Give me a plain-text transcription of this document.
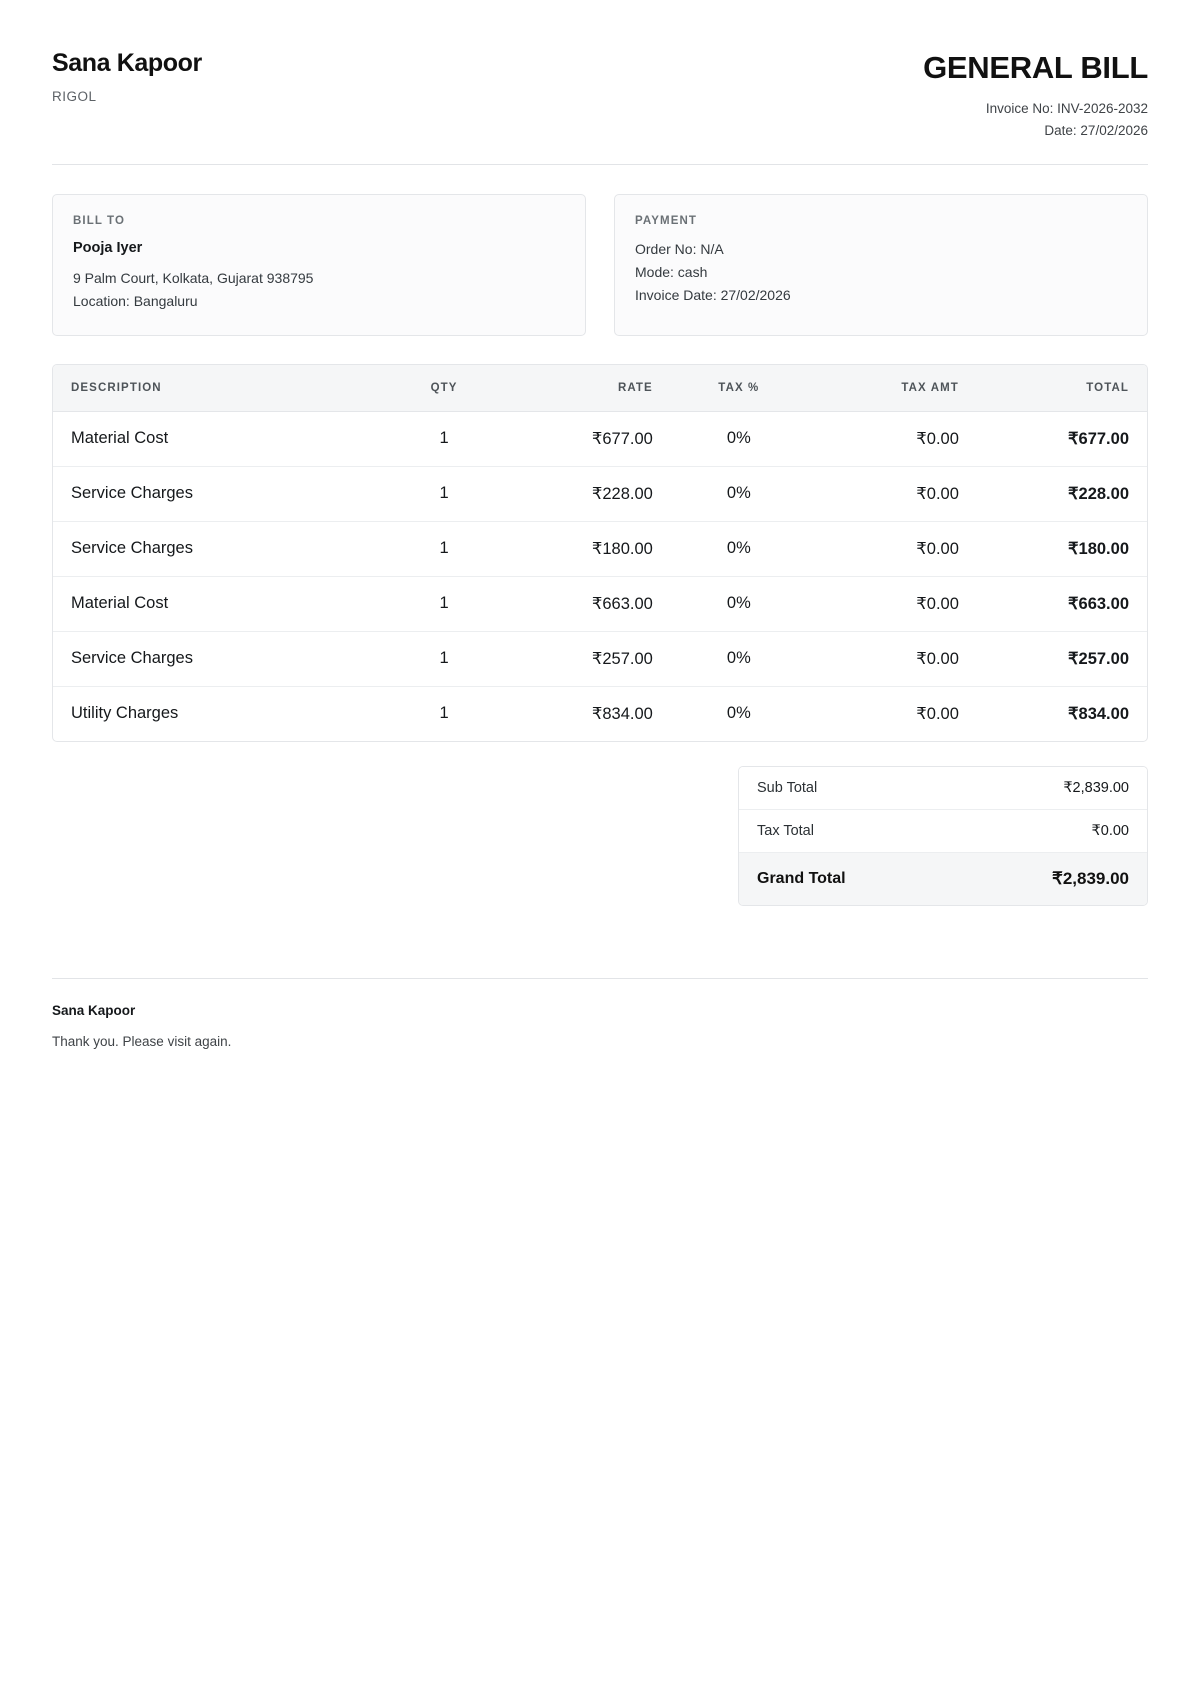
Sana Kapoor
RIGOL
GENERAL BILL
Invoice No: INV-2026-2032
Date: 27/02/2026
BILL TO
Pooja Iyer
9 Palm Court, Kolkata, Gujarat 938795
Location: Bangaluru
PAYMENT
Order No: N/A
Mode: cash
Invoice Date: 27/02/2026
DESCRIPTION	QTY	RATE	TAX %	TAX AMT	TOTAL
Material Cost	1	₹677.00	0%	₹0.00	₹677.00
Service Charges	1	₹228.00	0%	₹0.00	₹228.00
Service Charges	1	₹180.00	0%	₹0.00	₹180.00
Material Cost	1	₹663.00	0%	₹0.00	₹663.00
Service Charges	1	₹257.00	0%	₹0.00	₹257.00
Utility Charges	1	₹834.00	0%	₹0.00	₹834.00
Sub Total	₹2,839.00
Tax Total	₹0.00
Grand Total	₹2,839.00
Sana Kapoor
Thank you. Please visit again.
